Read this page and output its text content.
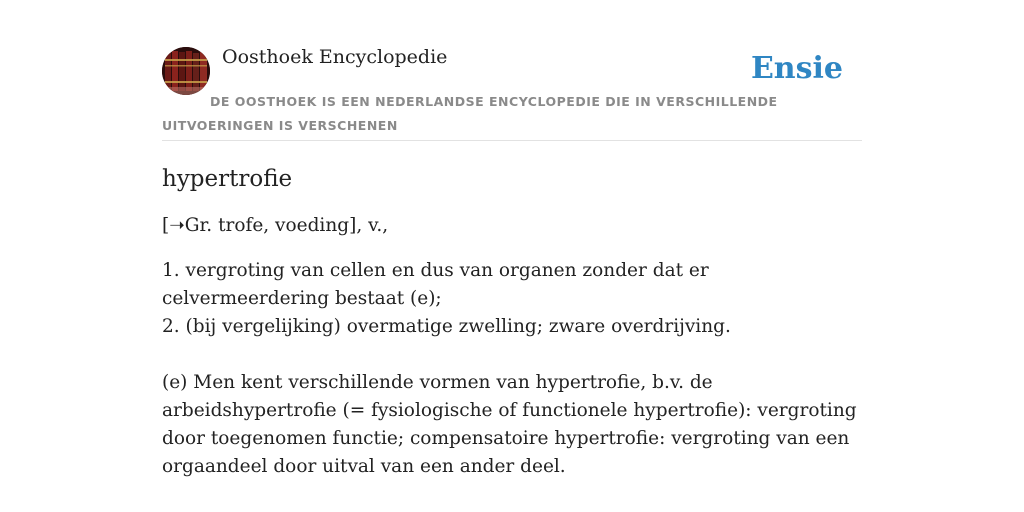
Oosthoek Encyclopedie	Ensie
DE OOSTHOEK IS EEN NEDERLANDSE ENCYCLOPEDIE DIE IN VERSCHILLENDE UITVOERINGEN IS VERSCHENEN
hypertrofie

[➝Gr. trofe, voeding], v.,

1. vergroting van cellen en dus van organen zonder dat er celvermeerdering bestaat (e);
2. (bij vergelijking) overmatige zwelling; zware overdrijving.

(e) Men kent verschillende vormen van hypertrofie, b.v. de arbeidshypertrofie (= fysiologische of functionele hypertrofie): vergroting door toegenomen functie; compensatoire hypertrofie: vergroting van een orgaandeel door uitval van een ander deel.
